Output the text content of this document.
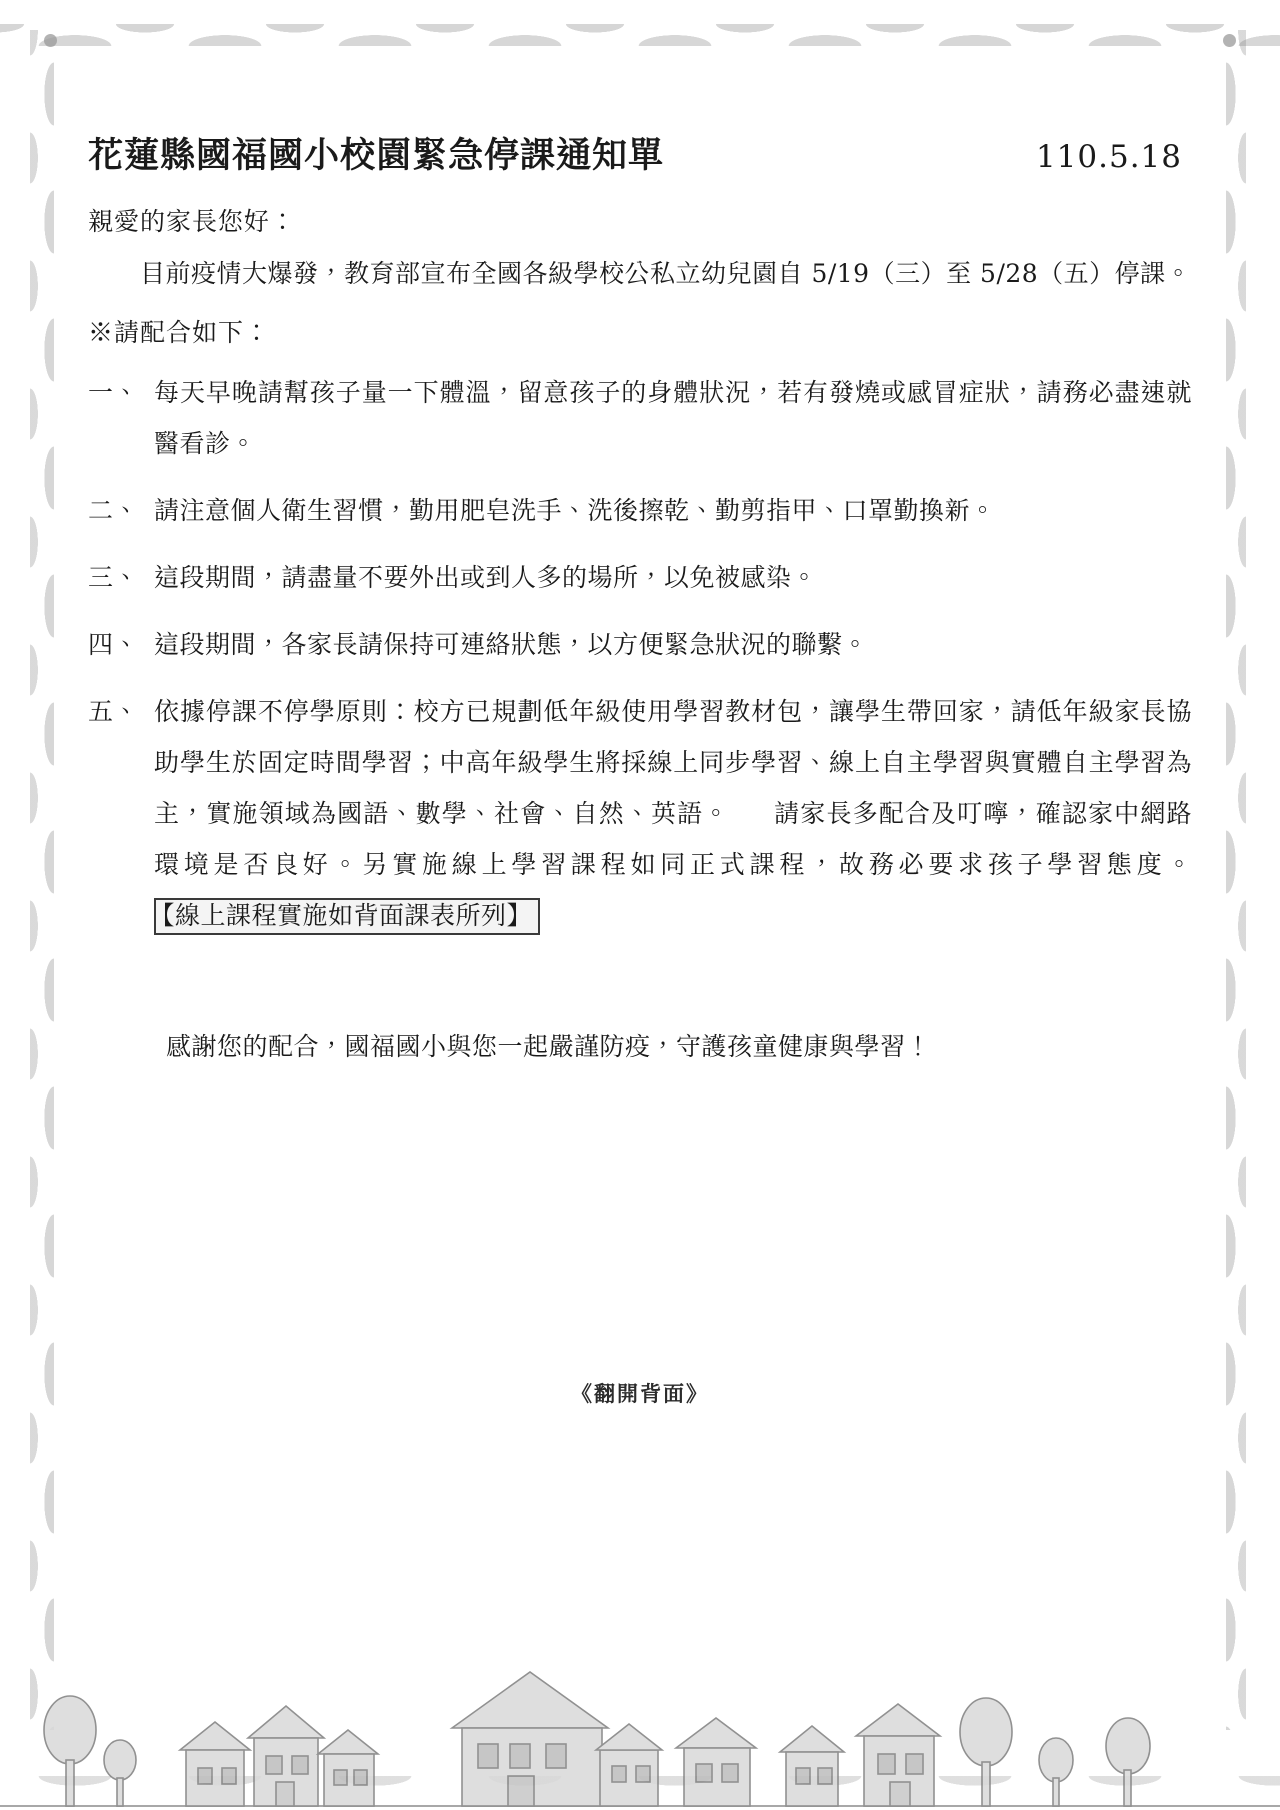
花蓮縣國福國小校園緊急停課通知單	110.5.18
親愛的家長您好：

目前疫情大爆發，教育部宣布全國各級學校公私立幼兒園自 5/19（三）至 5/28（五）停課。

※請配合如下：
一、 每天早晚請幫孩子量一下體溫，留意孩子的身體狀況，若有發燒或感冒症狀，請務必盡速就醫看診。
二、 請注意個人衛生習慣，勤用肥皂洗手、洗後擦乾、勤剪指甲、口罩勤換新。
三、 這段期間，請盡量不要外出或到人多的場所，以免被感染。
四、 這段期間，各家長請保持可連絡狀態，以方便緊急狀況的聯繫。
五、 依據停課不停學原則：校方已規劃低年級使用學習教材包，讓學生帶回家，請低年級家長協助學生於固定時間學習；中高年級學生將採線上同步學習、線上自主學習與實體自主學習為主，實施領域為國語、數學、社會、自然、英語。 請家長多配合及叮嚀，確認家中網路環境是否良好。另實施線上學習課程如同正式課程，故務必要求孩子學習態度。【線上課程實施如背面課表所列】
感謝您的配合，國福國小與您一起嚴謹防疫，守護孩童健康與學習！
《翻開背面》
